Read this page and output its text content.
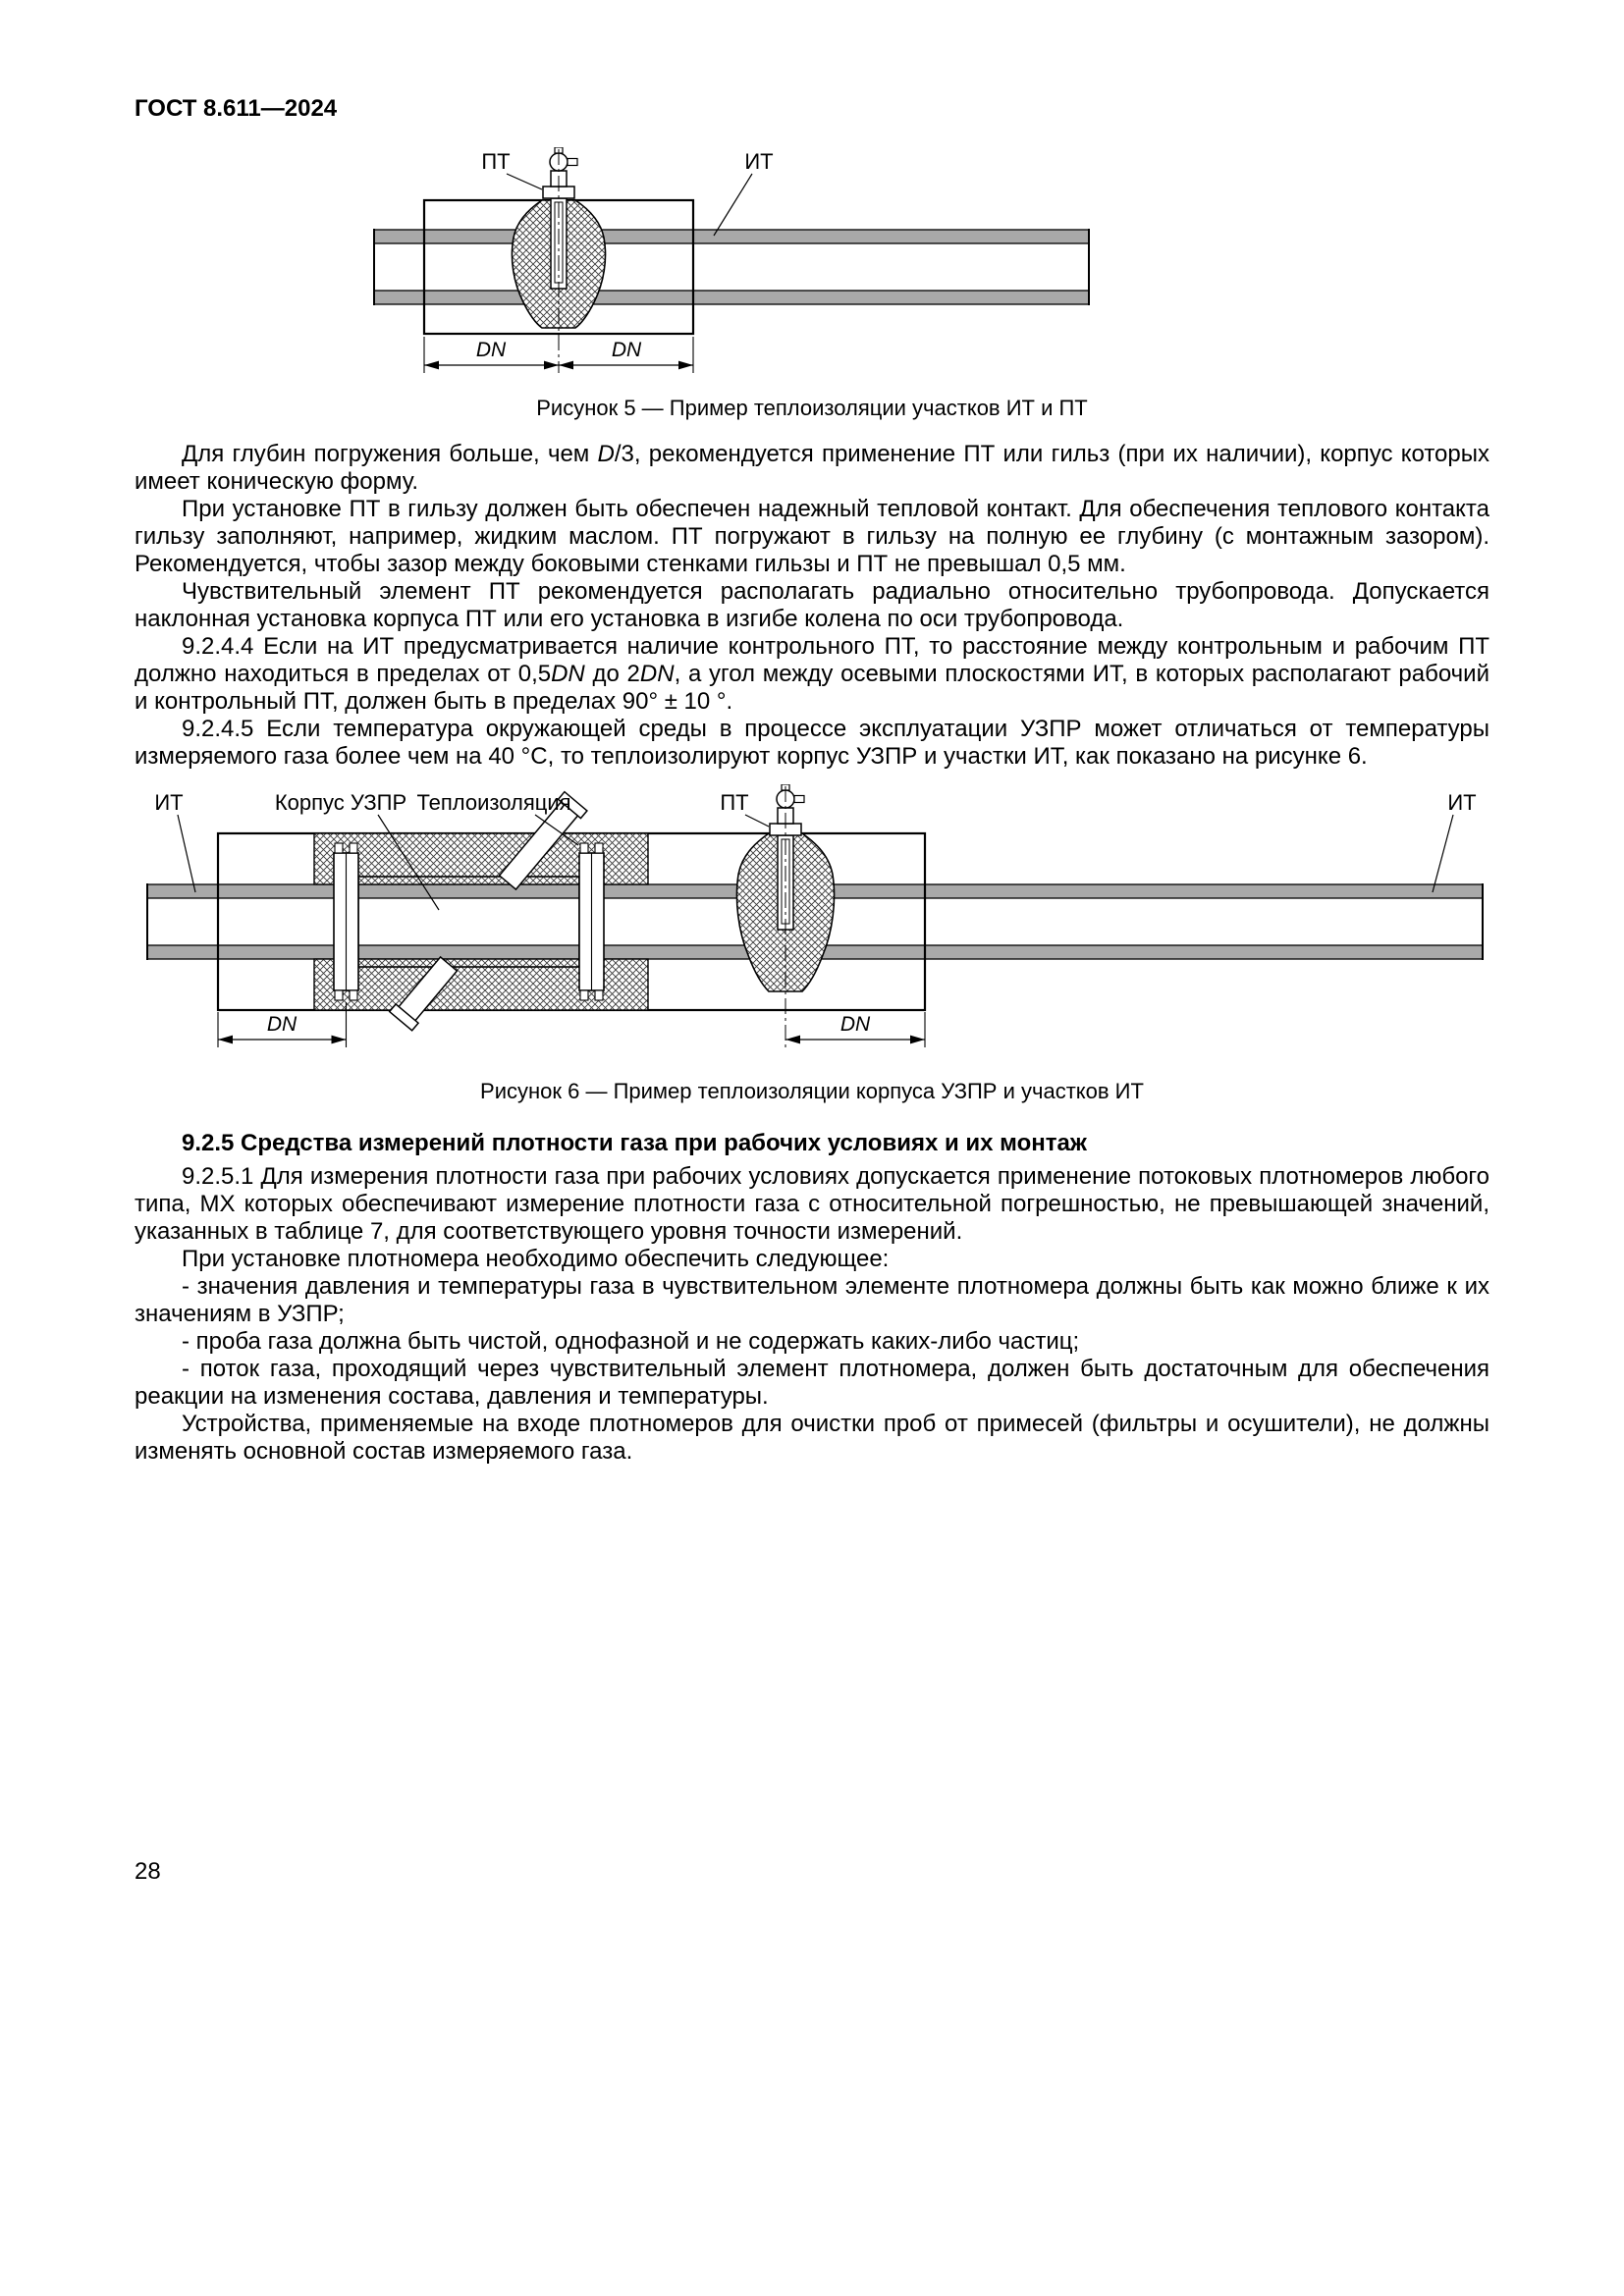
ГОСТ 8.611—2024
ПТ	ИТ
DN	DN
Рисунок 5 — Пример теплоизоляции участков ИТ и ПТ

Для глубин погружения больше, чем D/3, рекомендуется применение ПТ или гильз (при их наличии), корпус которых имеет коническую форму.

При установке ПТ в гильзу должен быть обеспечен надежный тепловой контакт. Для обеспечения теплового контакта гильзу заполняют, например, жидким маслом. ПТ погружают в гильзу на полную ее глубину (с монтажным зазором). Рекомендуется, чтобы зазор между боковыми стенками гильзы и ПТ не превышал 0,5 мм.

Чувствительный элемент ПТ рекомендуется располагать радиально относительно трубопровода. Допускается наклонная установка корпуса ПТ или его установка в изгибе колена по оси трубопровода.

9.2.4.4 Если на ИТ предусматривается наличие контрольного ПТ, то расстояние между контрольным и рабочим ПТ должно находиться в пределах от 0,5DN до 2DN, а угол между осевыми плоскостями ИТ, в которых располагают рабочий и контрольный ПТ, должен быть в пределах 90° ± 10 °.

9.2.4.5 Если температура окружающей среды в процессе эксплуатации УЗПР может отличаться от температуры измеряемого газа более чем на 40 °C, то теплоизолируют корпус УЗПР и участки ИТ, как показано на рисунке 6.

ИТ	Корпус УЗПР Теплоизоляция	ПТ	ИТ
DN	DN
Рисунок 6 — Пример теплоизоляции корпуса УЗПР и участков ИТ

9.2.5 Средства измерений плотности газа при рабочих условиях и их монтаж

9.2.5.1 Для измерения плотности газа при рабочих условиях допускается применение потоковых плотномеров любого типа, МХ которых обеспечивают измерение плотности газа с относительной погрешностью, не превышающей значений, указанных в таблице 7, для соответствующего уровня точности измерений.

При установке плотномера необходимо обеспечить следующее:

- значения давления и температуры газа в чувствительном элементе плотномера должны быть как можно ближе к их значениям в УЗПР;

- проба газа должна быть чистой, однофазной и не содержать каких-либо частиц;

- поток газа, проходящий через чувствительный элемент плотномера, должен быть достаточным для обеспечения реакции на изменения состава, давления и температуры.

Устройства, применяемые на входе плотномеров для очистки проб от примесей (фильтры и осушители), не должны изменять основной состав измеряемого газа.

28
